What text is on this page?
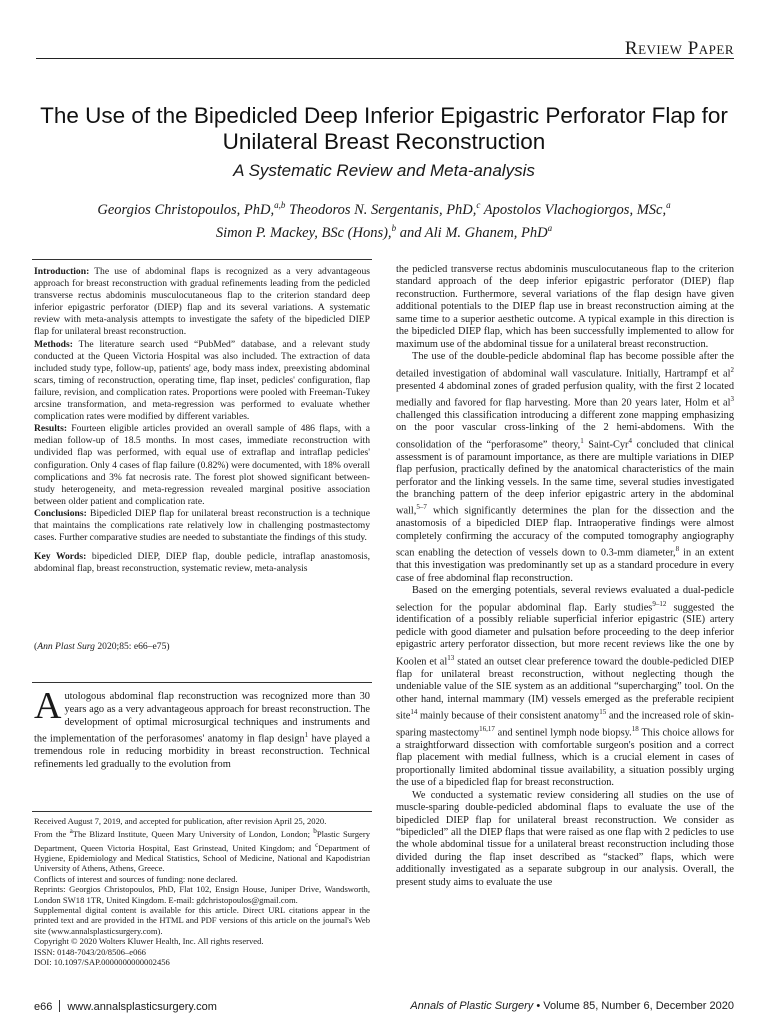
Review Paper
The Use of the Bipedicled Deep Inferior Epigastric Perforator Flap for Unilateral Breast Reconstruction
A Systematic Review and Meta-analysis
Georgios Christopoulos, PhD,$^{a,b}$ Theodoros N. Sergentanis, PhD,$^c$ Apostolos Vlachogiorgos, MSc,$^a$
Simon P. Mackey, BSc (Hons),$^b$ and Ali M. Ghanem, PhD$^a$

Introduction: The use of abdominal flaps is recognized as a very advantageous approach for breast reconstruction with gradual refinements leading from the pedicled transverse rectus abdominis musculocutaneous flap to the criterion standard deep inferior epigastric perforator (DIEP) flap and its several variations. A systematic review with meta-analysis attempts to investigate the safety of the bipedicled DIEP flap for unilateral breast reconstruction.

Methods: The literature search used “PubMed” database, and a relevant study conducted at the Queen Victoria Hospital was also included. The extraction of data included study type, follow-up, patients' age, body mass index, preexisting abdominal scars, timing of reconstruction, operating time, flap inset, pedicles' configuration, flap failure, revision, and complication rates. Proportions were pooled with Freeman-Tukey arcsine transformation, and meta-regression was performed to evaluate whether complication rates were modified by different variables.

Results: Fourteen eligible articles provided an overall sample of 486 flaps, with a median follow-up of 18.5 months. In most cases, immediate reconstruction with undivided flap was performed, with equal use of extraflap and intraflap pedicles' configuration. Only 4 cases of flap failure (0.82%) were documented, with 18% overall complications and 3% fat necrosis rate. The forest plot showed significant between-study heterogeneity, and meta-regression revealed marginal positive association between older patient and complication rate.

Conclusions: Bipedicled DIEP flap for unilateral breast reconstruction is a technique that maintains the complications rate relatively low in challenging postmastectomy cases. Further comparative studies are needed to substantiate the findings of this study.

Key Words: bipedicled DIEP, DIEP flap, double pedicle, intraflap anastomosis, abdominal flap, breast reconstruction, systematic review, meta-analysis

(Ann Plast Surg 2020;85: e66–e75)
Autologous abdominal flap reconstruction was recognized more than 30 years ago as a very advantageous approach for breast reconstruction. The development of optimal microsurgical techniques and instruments and the implementation of the perforasomes' anatomy in flap design$^1$ have played a tremendous role in reducing morbidity in breast reconstruction. Technical refinements led gradually to the evolution from

Received August 7, 2019, and accepted for publication, after revision April 25, 2020.

From the $^a$The Blizard Institute, Queen Mary University of London, London; $^b$Plastic Surgery Department, Queen Victoria Hospital, East Grinstead, United Kingdom; and $^c$Department of Hygiene, Epidemiology and Medical Statistics, School of Medicine, National and Kapodistrian University of Athens, Athens, Greece.

Conflicts of interest and sources of funding: none declared.

Reprints: Georgios Christopoulos, PhD, Flat 102, Ensign House, Juniper Drive, Wandsworth, London SW18 1TR, United Kingdom. E-mail: gdchristopoulos@gmail.com.

Supplemental digital content is available for this article. Direct URL citations appear in the printed text and are provided in the HTML and PDF versions of this article on the journal's Web site (www.annalsplasticsurgery.com).

Copyright © 2020 Wolters Kluwer Health, Inc. All rights reserved.

ISSN: 0148-7043/20/8506–e066

DOI: 10.1097/SAP.0000000000002456

the pedicled transverse rectus abdominis musculocutaneous flap to the criterion standard approach of the deep inferior epigastric perforator (DIEP) flap reconstruction. Furthermore, several variations of the flap design have given additional potentials to the DIEP flap use in breast reconstruction aiming at the same time to a superior aesthetic outcome. A typical example in this direction is the bipedicled DIEP flap, which has been successfully implemented to allow for maximum use of the abdominal tissue for a unilateral breast reconstruction.

The use of the double-pedicle abdominal flap has become possible after the detailed investigation of abdominal wall vasculature. Initially, Hartrampf et $al^2$ presented 4 abdominal zones of graded perfusion quality, with the first 2 located medially and favored for flap harvesting. More than 20 years later, Holm et $al^3$ challenged this classification introducing a different zone mapping emphasizing on the poor vascular cross-linking of the 2 hemi-abdomens. With the consolidation of the “perforasome” theory,$^1$ Saint-Cyr$^4$ concluded that clinical assessment is of paramount importance, as there are multiple variations in DIEP flap perfusion, practically defined by the anatomical characteristics of the main perforator and the linking vessels. In the same time, several studies investigated the branching pattern of the deep inferior epigastric artery in the abdominal wall,$^{5-7}$ which significantly determines the plan for the dissection and the anastomosis of a bipedicled DIEP flap. Intraoperative findings were almost completely confirming the accuracy of the computed tomography angiography scan enabling the detection of vessels down to 0.3-mm diameter,$^8$ in an extent that this investigation was predominantly set up as a standard procedure in every case of free abdominal flap reconstruction.

Based on the emerging potentials, several reviews evaluated a dual-pedicle selection for the popular abdominal flap. Early studies$^{9-12}$ suggested the identification of a possibly reliable superficial inferior epigastric (SIE) artery pedicle with good diameter and pulsation before proceeding to the deep inferior epigastric artery perforator dissection, but more recent reviews like the one by Koolen et $al^{13}$ stated an outset clear preference toward the double-pedicled DIEP flap for unilateral breast reconstruction, without neglecting though the undeniable value of the SIE system as an additional “supercharging” tool. On the other hand, internal mammary (IM) vessels emerged as the preferable recipient site$^{14}$ mainly because of their consistent anatomy$^{15}$ and the increased role of skin-sparing mastectomy$^{16,17}$ and sentinel lymph node biopsy.$^{18}$ This choice allows for a straightforward dissection with comfortable surgeon's position and a correct flap placement with medial fullness, which is a crucial element in cases of proportionally limited abdominal tissue availability, a situation possibly urging the use of a bipedicled flap for breast reconstruction.

We conducted a systematic review considering all studies on the use of muscle-sparing double-pedicled abdominal flaps to evaluate the use of the bipedicled DIEP flap for unilateral breast reconstruction. We consider as “bipedicled” all the DIEP flaps that were raised as one flap with 2 pedicles to use the whole abdominal tissue for a unilateral breast reconstruction including those divided during the flap inset described as “stacked” flaps, which were additionally investigated as a separate subgroup in our analysis. Overall, the present study aims to evaluate the use

e66 www.annalsplasticsurgery.com	Annals of Plastic Surgery • Volume 85, Number 6, December 2020
